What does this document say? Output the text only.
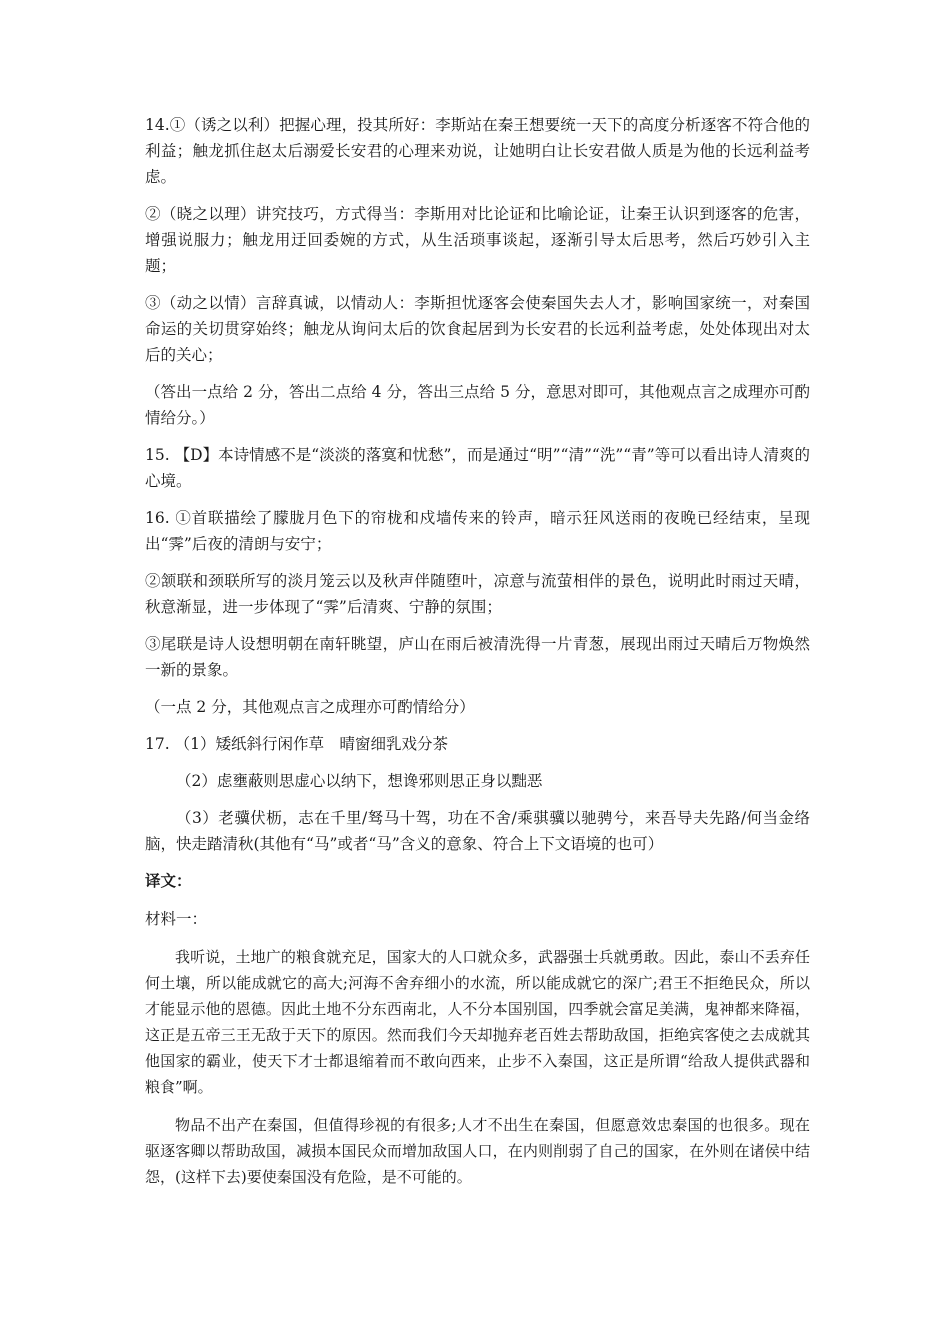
14.①（诱之以利）把握心理，投其所好：李斯站在秦王想要统一天下的高度分析逐客不符合他的利益；触龙抓住赵太后溺爱长安君的心理来劝说，让她明白让长安君做人质是为他的长远利益考虑。

②（晓之以理）讲究技巧，方式得当：李斯用对比论证和比喻论证，让秦王认识到逐客的危害，增强说服力；触龙用迂回委婉的方式，从生活琐事谈起，逐渐引导太后思考，然后巧妙引入主题；

③（动之以情）言辞真诚，以情动人：李斯担忧逐客会使秦国失去人才，影响国家统一，对秦国命运的关切贯穿始终；触龙从询问太后的饮食起居到为长安君的长远利益考虑，处处体现出对太后的关心；

（答出一点给 2 分，答出二点给 4 分，答出三点给 5 分，意思对即可，其他观点言之成理亦可酌情给分。）

15. 【D】本诗情感不是“淡淡的落寞和忧愁”，而是通过“明”“清”“洗”“青”等可以看出诗人清爽的心境。

16. ①首联描绘了朦胧月色下的帘栊和戍墙传来的铃声，暗示狂风送雨的夜晚已经结束，呈现出“霁”后夜的清朗与安宁；

②颔联和颈联所写的淡月笼云以及秋声伴随堕叶，凉意与流萤相伴的景色，说明此时雨过天晴，秋意渐显，进一步体现了“霁”后清爽、宁静的氛围；

③尾联是诗人设想明朝在南轩眺望，庐山在雨后被清洗得一片青葱，展现出雨过天晴后万物焕然一新的景象。

（一点 2 分，其他观点言之成理亦可酌情给分）

17. （1）矮纸斜行闲作草　晴窗细乳戏分茶

（2）虑壅蔽则思虚心以纳下，想谗邪则思正身以黜恶

（3）老骥伏枥，志在千里/驽马十驾，功在不舍/乘骐骥以驰骋兮，来吾导夫先路/何当金络脑，快走踏清秋(其他有“马”或者“马”含义的意象、符合上下文语境的也可）

译文：
材料一：

我听说，土地广的粮食就充足，国家大的人口就众多，武器强士兵就勇敢。因此，泰山不丢弃任何土壤，所以能成就它的高大;河海不舍弃细小的水流，所以能成就它的深广;君王不拒绝民众，所以才能显示他的恩德。因此土地不分东西南北，人不分本国别国，四季就会富足美满，鬼神都来降福，这正是五帝三王无敌于天下的原因。然而我们今天却抛弃老百姓去帮助敌国，拒绝宾客使之去成就其他国家的霸业，使天下才士都退缩着而不敢向西来，止步不入秦国，这正是所谓“给敌人提供武器和粮食”啊。

物品不出产在秦国，但值得珍视的有很多;人才不出生在秦国，但愿意效忠秦国的也很多。现在驱逐客卿以帮助敌国，减损本国民众而增加敌国人口，在内则削弱了自己的国家，在外则在诸侯中结怨，(这样下去)要使秦国没有危险，是不可能的。
